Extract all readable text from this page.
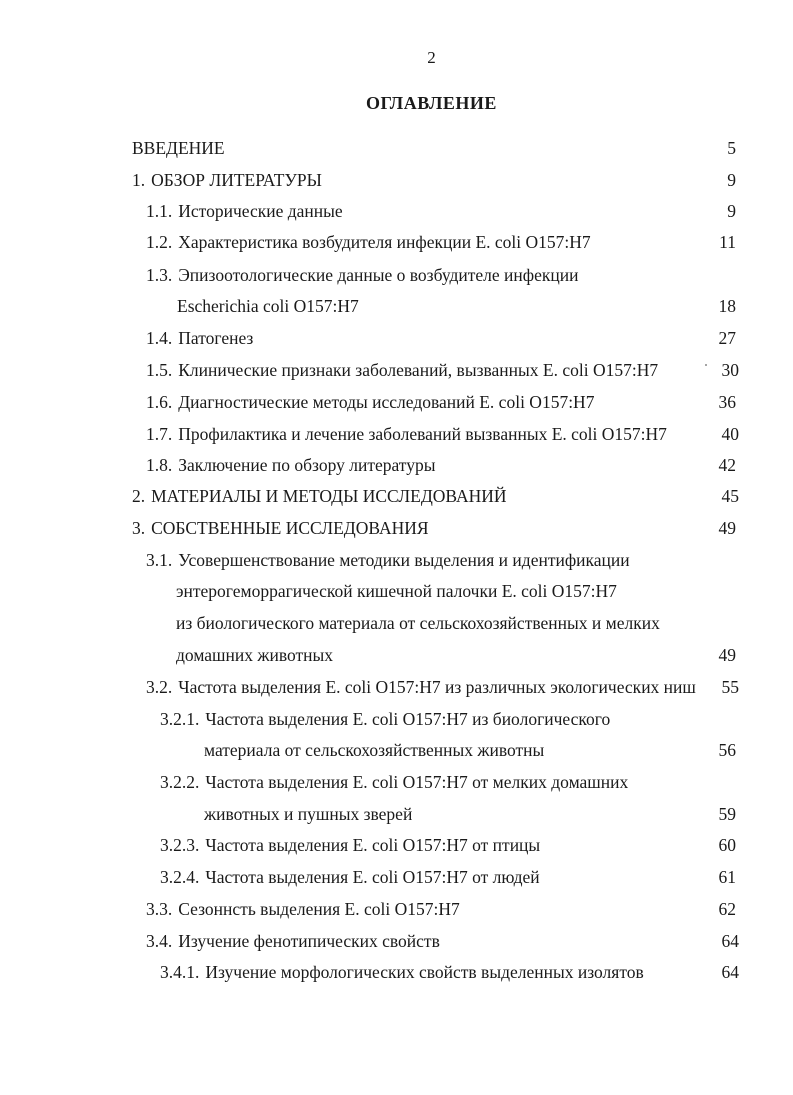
2
ОГЛАВЛЕНИЕ
ВВЕДЕНИЕ	5
1. ОБЗОР ЛИТЕРАТУРЫ	9
1.1. Исторические данные	9
1.2. Характеристика возбудителя инфекции E. coli O157:H7	11
1.3. Эпизоотологические данные о возбудителе инфекции
Escherichia coli O157:H7	18
1.4. Патогенез	27
1.5. Клинические признаки заболеваний, вызванных E. coli O157:H7	30
1.6. Диагностические методы исследований E. coli O157:H7	36
1.7. Профилактика и лечение заболеваний вызванных E. coli O157:H7	40
1.8. Заключение по обзору литературы	42
2. МАТЕРИАЛЫ И МЕТОДЫ ИССЛЕДОВАНИЙ	45
3. СОБСТВЕННЫЕ ИССЛЕДОВАНИЯ	49
3.1. Усовершенствование методики выделения и идентификации
энтерогеморрагической кишечной палочки E. coli O157:H7
из биологического материала от сельскохозяйственных и мелких
домашних животных	49
3.2. Частота выделения E. coli O157:H7 из различных экологических ниш	55
3.2.1. Частота выделения E. coli O157:H7 из биологического
материала от сельскохозяйственных животны	56
3.2.2. Частота выделения E. coli O157:H7 от мелких домашних
животных и пушных зверей	59
3.2.3. Частота выделения E. coli O157:H7 от птицы	60
3.2.4. Частота выделения E. coli O157:H7 от людей	61
3.3. Сезоннсть выделения E. coli O157:H7	62
3.4. Изучение фенотипических свойств	64
3.4.1. Изучение морфологических свойств выделенных изолятов	64
